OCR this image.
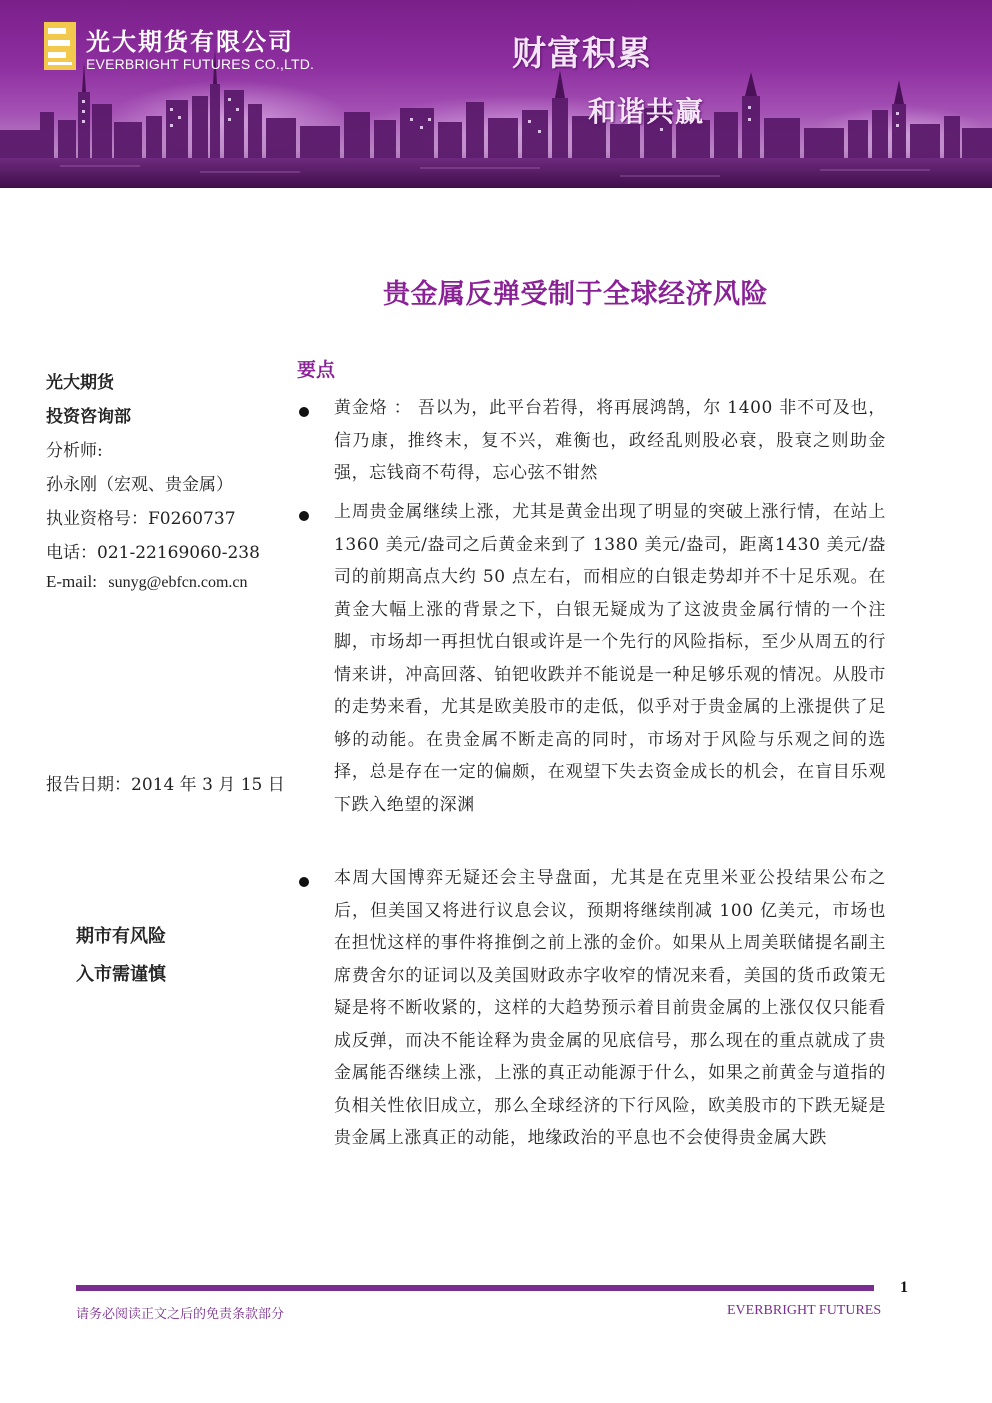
光大期货有限公司
EVERBRIGHT FUTURES CO.,LTD.	财富积累
和谐共赢
贵金属反弹受制于全球经济风险
光大期货
投资咨询部
分析师:
孙永刚（宏观、贵金属）
执业资格号：F0260737
电话：021-22169060-238
E-mail: sunyg@ebfcn.com.cn
报告日期：2014 年 3 月 15 日
期市有风险
入市需谨慎
要点
黄金烙 ： 吾以为，此平台若得，将再展鸿鹄，尔 1400 非不可及也，信乃康，推终末，复不兴，难衡也，政经乱则股必衰，股衰之则助金强，忘钱商不苟得，忘心弦不钳然
上周贵金属继续上涨，尤其是黄金出现了明显的突破上涨行情，在站上 1360 美元/盎司之后黄金来到了 1380 美元/盎司，距离1430 美元/盎司的前期高点大约 50 点左右，而相应的白银走势却并不十足乐观。在黄金大幅上涨的背景之下，白银无疑成为了这波贵金属行情的一个注脚，市场却一再担忧白银或许是一个先行的风险指标，至少从周五的行情来讲，冲高回落、铂钯收跌并不能说是一种足够乐观的情况。从股市的走势来看，尤其是欧美股市的走低，似乎对于贵金属的上涨提供了足够的动能。在贵金属不断走高的同时，市场对于风险与乐观之间的选择，总是存在一定的偏颇，在观望下失去资金成长的机会，在盲目乐观下跌入绝望的深渊
本周大国博弈无疑还会主导盘面，尤其是在克里米亚公投结果公布之后，但美国又将进行议息会议，预期将继续削减 100 亿美元，市场也在担忧这样的事件将推倒之前上涨的金价。如果从上周美联储提名副主席费舍尔的证词以及美国财政赤字收窄的情况来看，美国的货币政策无疑是将不断收紧的，这样的大趋势预示着目前贵金属的上涨仅仅只能看成反弹，而决不能诠释为贵金属的见底信号，那么现在的重点就成了贵金属能否继续上涨，上涨的真正动能源于什么，如果之前黄金与道指的负相关性依旧成立，那么全球经济的下行风险，欧美股市的下跌无疑是贵金属上涨真正的动能，地缘政治的平息也不会使得贵金属大跌
1
请务必阅读正文之后的免责条款部分	EVERBRIGHT FUTURES
